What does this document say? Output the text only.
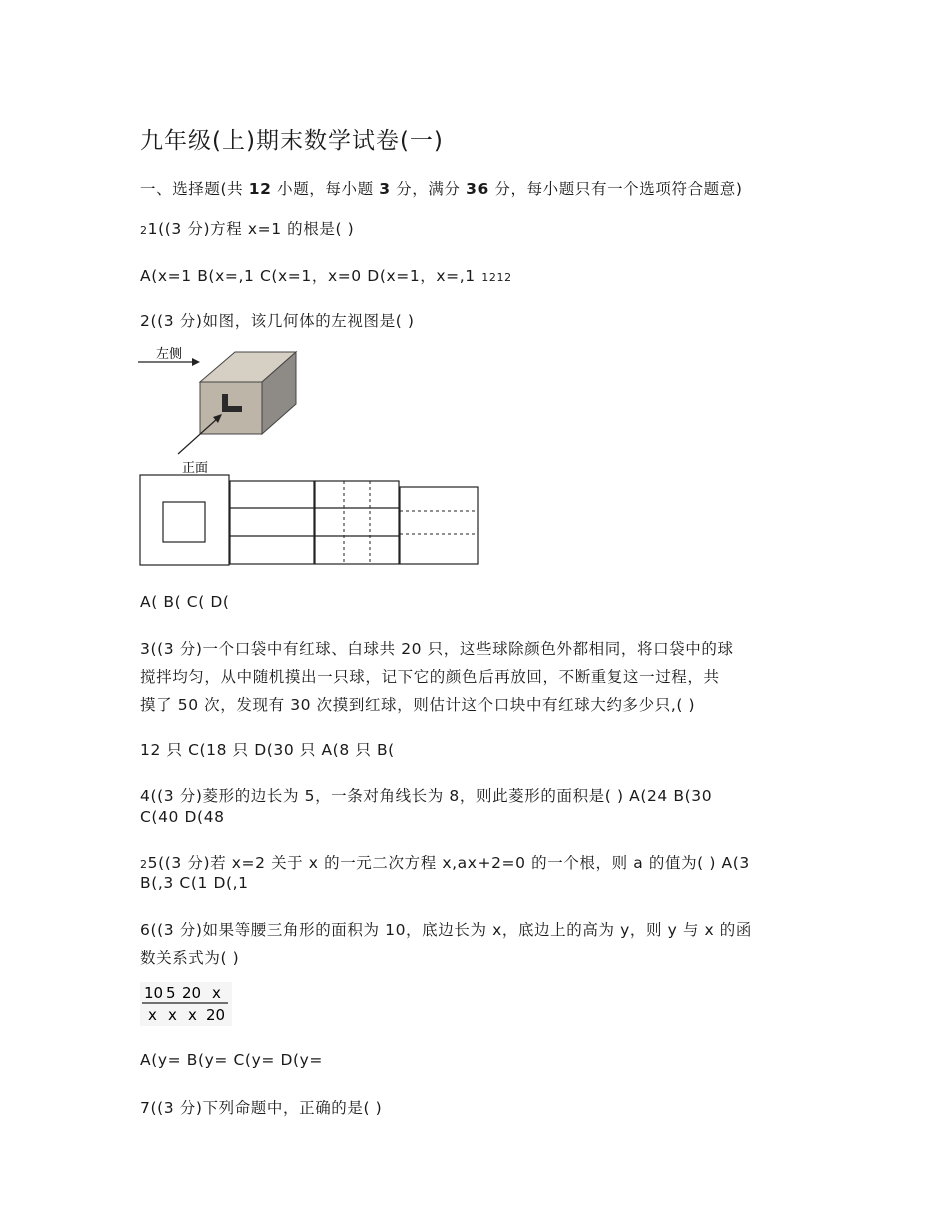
九年级(上)期末数学试卷(一)
一、选择题(共 12 小题，每小题 3 分，满分 36 分，每小题只有一个选项符合题意)
21((3 分)方程 x=1 的根是( )
A(x=1 B(x=,1 C(x=1，x=0 D(x=1，x=,1 1212
2((3 分)如图，该几何体的左视图是( )
左侧
正面
A( B( C( D(
3((3 分)一个口袋中有红球、白球共 20 只，这些球除颜色外都相同，将口袋中的球
搅拌均匀，从中随机摸出一只球，记下它的颜色后再放回，不断重复这一过程，共
摸了 50 次，发现有 30 次摸到红球，则估计这个口块中有红球大约多少只,( )
12 只 C(18 只 D(30 只 A(8 只 B(
4((3 分)菱形的边长为 5，一条对角线长为 8，则此菱形的面积是( ) A(24 B(30
C(40 D(48
25((3 分)若 x=2 关于 x 的一元二次方程 x,ax+2=0 的一个根，则 a 的值为( ) A(3
B(,3 C(1 D(,1
6((3 分)如果等腰三角形的面积为 10，底边长为 x，底边上的高为 y，则 y 与 x 的函
数关系式为( )
10 5 20 x
x x x 20
A(y= B(y= C(y= D(y=
7((3 分)下列命题中，正确的是( )
